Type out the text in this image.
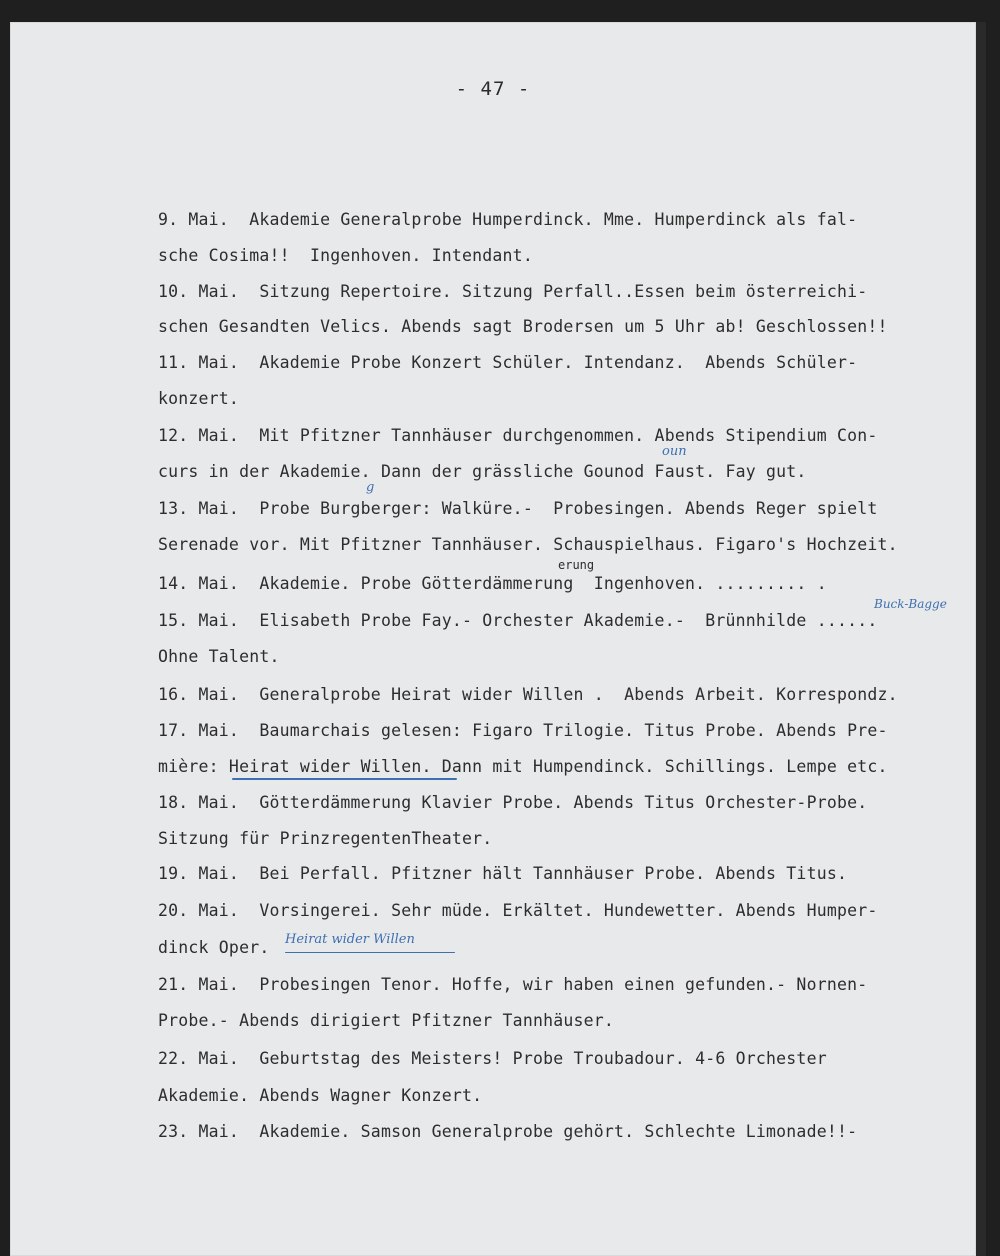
- 47 -
9. Mai.  Akademie Generalprobe Humperdinck. Mme. Humperdinck als fal-
sche Cosima!!  Ingenhoven. Intendant.
10. Mai.  Sitzung Repertoire. Sitzung Perfall..Essen beim österreichi-
schen Gesandten Velics. Abends sagt Brodersen um 5 Uhr ab! Geschlossen!!
11. Mai.  Akademie Probe Konzert Schüler. Intendanz.  Abends Schüler-
konzert.
12. Mai.  Mit Pfitzner Tannhäuser durchgenommen. Abends Stipendium Con-
curs in der Akademie. Dann der grässliche Gounod Faust. Fay gut.
13. Mai.  Probe Burgberger: Walküre.-  Probesingen. Abends Reger spielt
Serenade vor. Mit Pfitzner Tannhäuser. Schauspielhaus. Figaro's Hochzeit.
14. Mai.  Akademie. Probe Götterdämmerung  Ingenhoven. ......... .
15. Mai.  Elisabeth Probe Fay.- Orchester Akademie.-  Brünnhilde ......
Ohne Talent.
16. Mai.  Generalprobe Heirat wider Willen .  Abends Arbeit. Korrespondz.
17. Mai.  Baumarchais gelesen: Figaro Trilogie. Titus Probe. Abends Pre-
mière: Heirat wider Willen. Dann mit Humpendinck. Schillings. Lempe etc.
18. Mai.  Götterdämmerung Klavier Probe. Abends Titus Orchester-Probe.
Sitzung für PrinzregentenTheater.
19. Mai.  Bei Perfall. Pfitzner hält Tannhäuser Probe. Abends Titus.
20. Mai.  Vorsingerei. Sehr müde. Erkältet. Hundewetter. Abends Humper-
dinck Oper.
21. Mai.  Probesingen Tenor. Hoffe, wir haben einen gefunden.- Nornen-
Probe.- Abends dirigiert Pfitzner Tannhäuser.
22. Mai.  Geburtstag des Meisters! Probe Troubadour. 4-6 Orchester
Akademie. Abends Wagner Konzert.
23. Mai.  Akademie. Samson Generalprobe gehört. Schlechte Limonade!!-
erung
oun
g
Buck-Bagge
Heirat wider Willen
